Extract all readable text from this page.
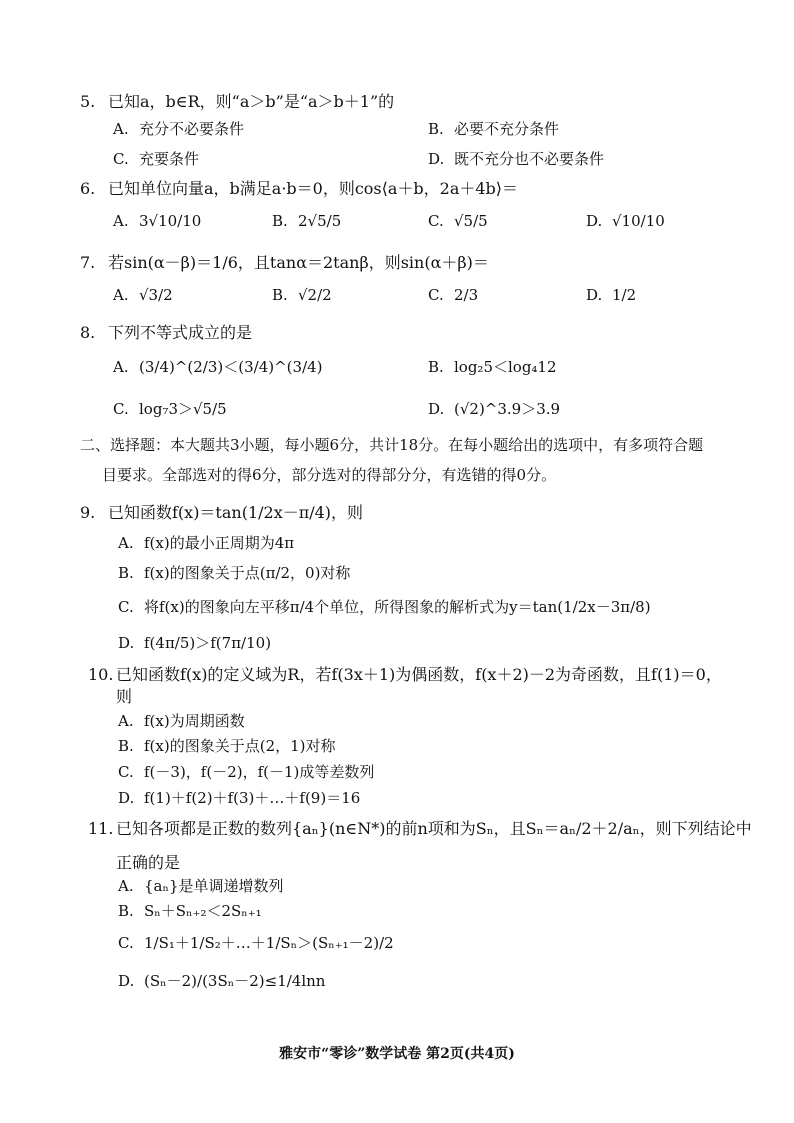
5. 已知a，b∈R，则“a＞b”是“a＞b＋1”的
A. 充分不必要条件	B. 必要不充分条件
C. 充要条件	D. 既不充分也不必要条件
6. 已知单位向量a，b满足a·b＝0，则cos⟨a＋b，2a＋4b⟩＝
A. 3√10/10	B. 2√5/5	C. √5/5	D. √10/10
7. 若sin(α－β)＝1/6，且tanα＝2tanβ，则sin(α＋β)＝
A. √3/2	B. √2/2	C. 2/3	D. 1/2
8. 下列不等式成立的是
A. (3/4)^(2/3)＜(3/4)^(3/4)	B. log₂5＜log₄12
C. log₇3＞√5/5	D. (√2)^3.9＞3.9
二、选择题：本大题共3小题，每小题6分，共计18分。在每小题给出的选项中，有多项符合题
目要求。全部选对的得6分，部分选对的得部分分，有选错的得0分。
9. 已知函数f(x)＝tan(1/2x－π/4)，则
A. f(x)的最小正周期为4π
B. f(x)的图象关于点(π/2，0)对称
C. 将f(x)的图象向左平移π/4个单位，所得图象的解析式为y＝tan(1/2x－3π/8)
D. f(4π/5)＞f(7π/10)
10. 已知函数f(x)的定义域为R，若f(3x＋1)为偶函数，f(x＋2)－2为奇函数，且f(1)＝0，
则
A. f(x)为周期函数
B. f(x)的图象关于点(2，1)对称
C. f(－3)，f(－2)，f(－1)成等差数列
D. f(1)＋f(2)＋f(3)＋…＋f(9)＝16
11. 已知各项都是正数的数列{aₙ}(n∈N*)的前n项和为Sₙ，且Sₙ＝aₙ/2＋2/aₙ，则下列结论中
正确的是
A. {aₙ}是单调递增数列
B. Sₙ＋Sₙ₊₂＜2Sₙ₊₁
C. 1/S₁＋1/S₂＋…＋1/Sₙ＞(Sₙ₊₁－2)/2
D. (Sₙ－2)/(3Sₙ－2)≤1/4lnn
雅安市“零诊”数学试卷 第2页(共4页)
